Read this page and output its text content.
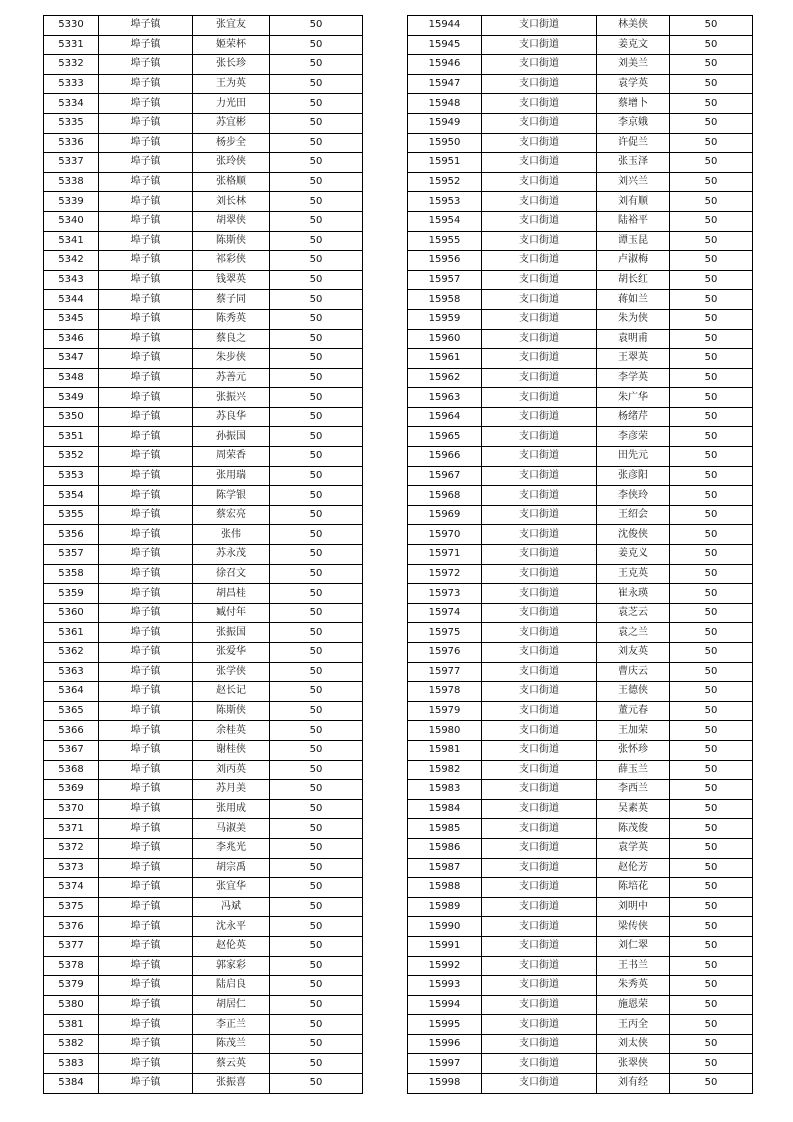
5330	埠子镇	张宜友	50
5331	埠子镇	姬荣杯	50
5332	埠子镇	张长珍	50
5333	埠子镇	王为英	50
5334	埠子镇	力光田	50
5335	埠子镇	苏宜彬	50
5336	埠子镇	杨步全	50
5337	埠子镇	张玲侠	50
5338	埠子镇	张格顺	50
5339	埠子镇	刘长林	50
5340	埠子镇	胡翠侠	50
5341	埠子镇	陈斯侠	50
5342	埠子镇	祁彩侠	50
5343	埠子镇	钱翠英	50
5344	埠子镇	蔡子同	50
5345	埠子镇	陈秀英	50
5346	埠子镇	蔡良之	50
5347	埠子镇	朱步侠	50
5348	埠子镇	苏善元	50
5349	埠子镇	张振兴	50
5350	埠子镇	苏良华	50
5351	埠子镇	孙振国	50
5352	埠子镇	周荣香	50
5353	埠子镇	张用瑞	50
5354	埠子镇	陈学银	50
5355	埠子镇	蔡宏亮	50
5356	埠子镇	张伟	50
5357	埠子镇	苏永茂	50
5358	埠子镇	徐召文	50
5359	埠子镇	胡昌桂	50
5360	埠子镇	臧付年	50
5361	埠子镇	张振国	50
5362	埠子镇	张爱华	50
5363	埠子镇	张学侠	50
5364	埠子镇	赵长记	50
5365	埠子镇	陈斯侠	50
5366	埠子镇	余桂英	50
5367	埠子镇	谢桂侠	50
5368	埠子镇	刘丙英	50
5369	埠子镇	苏月美	50
5370	埠子镇	张用成	50
5371	埠子镇	马淑美	50
5372	埠子镇	李兆光	50
5373	埠子镇	胡宗禹	50
5374	埠子镇	张宜华	50
5375	埠子镇	冯斌	50
5376	埠子镇	沈永平	50
5377	埠子镇	赵伦英	50
5378	埠子镇	郭家彩	50
5379	埠子镇	陆启良	50
5380	埠子镇	胡居仁	50
5381	埠子镇	李正兰	50
5382	埠子镇	陈茂兰	50
5383	埠子镇	蔡云英	50
5384	埠子镇	张振喜	50
15944	支口街道	林美侠	50
15945	支口街道	姜克文	50
15946	支口街道	刘美兰	50
15947	支口街道	袁学英	50
15948	支口街道	蔡增卜	50
15949	支口街道	李京娥	50
15950	支口街道	许促兰	50
15951	支口街道	张玉泽	50
15952	支口街道	刘兴兰	50
15953	支口街道	刘有顺	50
15954	支口街道	陆裕平	50
15955	支口街道	谭玉昆	50
15956	支口街道	卢淑梅	50
15957	支口街道	胡长红	50
15958	支口街道	蒋如兰	50
15959	支口街道	朱为侠	50
15960	支口街道	袁明甫	50
15961	支口街道	王翠英	50
15962	支口街道	李学英	50
15963	支口街道	朱广华	50
15964	支口街道	杨绪芹	50
15965	支口街道	李彦荣	50
15966	支口街道	田先元	50
15967	支口街道	张彦阳	50
15968	支口街道	李侠玲	50
15969	支口街道	王绍会	50
15970	支口街道	沈俊侠	50
15971	支口街道	姜克义	50
15972	支口街道	王克英	50
15973	支口街道	崔永瑛	50
15974	支口街道	袁芝云	50
15975	支口街道	袁之兰	50
15976	支口街道	刘友英	50
15977	支口街道	曹庆云	50
15978	支口街道	王德侠	50
15979	支口街道	董元春	50
15980	支口街道	王加荣	50
15981	支口街道	张怀珍	50
15982	支口街道	薛玉兰	50
15983	支口街道	李西兰	50
15984	支口街道	吴素英	50
15985	支口街道	陈茂俊	50
15986	支口街道	袁学英	50
15987	支口街道	赵伦芳	50
15988	支口街道	陈培花	50
15989	支口街道	刘明中	50
15990	支口街道	梁传侠	50
15991	支口街道	刘仁翠	50
15992	支口街道	王书兰	50
15993	支口街道	朱秀英	50
15994	支口街道	施恩荣	50
15995	支口街道	王丙全	50
15996	支口街道	刘太侠	50
15997	支口街道	张翠侠	50
15998	支口街道	刘有经	50
